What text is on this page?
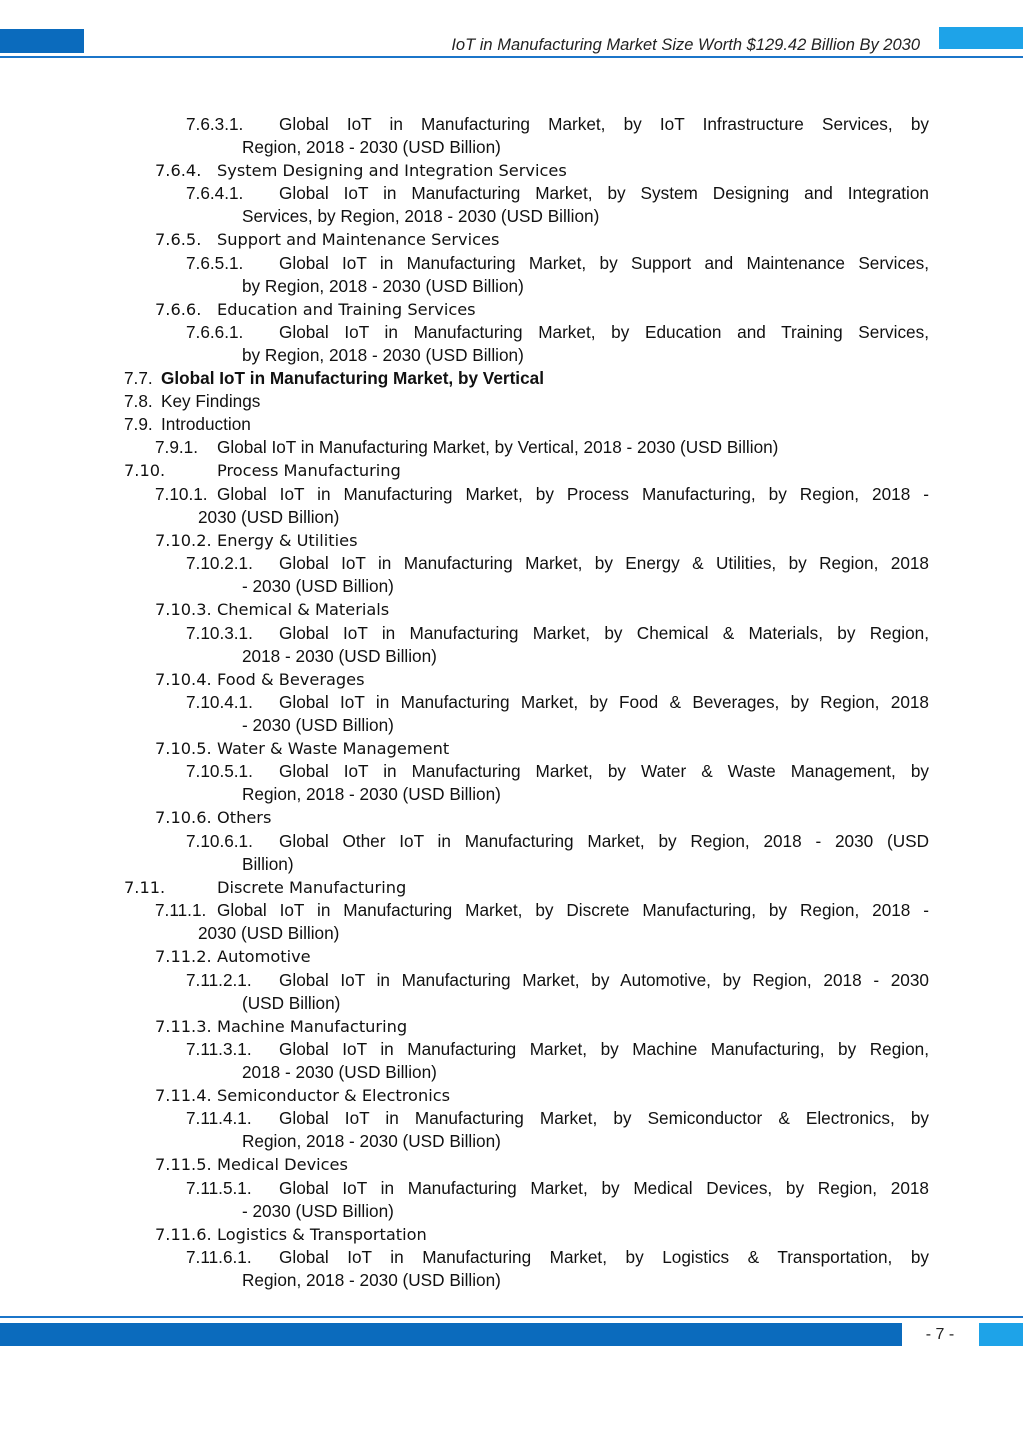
IoT in Manufacturing Market Size Worth $129.42 Billion By 2030
7.6.3.1. Global IoT in Manufacturing Market, by IoT Infrastructure Services, by
Region, 2018 - 2030 (USD Billion)
7.6.4. System Designing and Integration Services
7.6.4.1. Global IoT in Manufacturing Market, by System Designing and Integration
Services, by Region, 2018 - 2030 (USD Billion)
7.6.5. Support and Maintenance Services
7.6.5.1. Global IoT in Manufacturing Market, by Support and Maintenance Services,
by Region, 2018 - 2030 (USD Billion)
7.6.6. Education and Training Services
7.6.6.1. Global IoT in Manufacturing Market, by Education and Training Services,
by Region, 2018 - 2030 (USD Billion)
7.7. Global IoT in Manufacturing Market, by Vertical
7.8. Key Findings
7.9. Introduction
7.9.1. Global IoT in Manufacturing Market, by Vertical, 2018 - 2030 (USD Billion)
7.10.	Process Manufacturing
7.10.1. Global IoT in Manufacturing Market, by Process Manufacturing, by Region, 2018 -
2030 (USD Billion)
7.10.2. Energy & Utilities
7.10.2.1. Global IoT in Manufacturing Market, by Energy & Utilities, by Region, 2018
- 2030 (USD Billion)
7.10.3. Chemical & Materials
7.10.3.1. Global IoT in Manufacturing Market, by Chemical & Materials, by Region,
2018 - 2030 (USD Billion)
7.10.4. Food & Beverages
7.10.4.1. Global IoT in Manufacturing Market, by Food & Beverages, by Region, 2018
- 2030 (USD Billion)
7.10.5. Water & Waste Management
7.10.5.1. Global IoT in Manufacturing Market, by Water & Waste Management, by
Region, 2018 - 2030 (USD Billion)
7.10.6. Others
7.10.6.1. Global Other IoT in Manufacturing Market, by Region, 2018 - 2030 (USD
Billion)
7.11.	Discrete Manufacturing
7.11.1. Global IoT in Manufacturing Market, by Discrete Manufacturing, by Region, 2018 -
2030 (USD Billion)
7.11.2. Automotive
7.11.2.1. Global IoT in Manufacturing Market, by Automotive, by Region, 2018 - 2030
(USD Billion)
7.11.3. Machine Manufacturing
7.11.3.1. Global IoT in Manufacturing Market, by Machine Manufacturing, by Region,
2018 - 2030 (USD Billion)
7.11.4. Semiconductor & Electronics
7.11.4.1. Global IoT in Manufacturing Market, by Semiconductor & Electronics, by
Region, 2018 - 2030 (USD Billion)
7.11.5. Medical Devices
7.11.5.1. Global IoT in Manufacturing Market, by Medical Devices, by Region, 2018
- 2030 (USD Billion)
7.11.6. Logistics & Transportation
7.11.6.1. Global IoT in Manufacturing Market, by Logistics & Transportation, by
Region, 2018 - 2030 (USD Billion)
- 7 -
